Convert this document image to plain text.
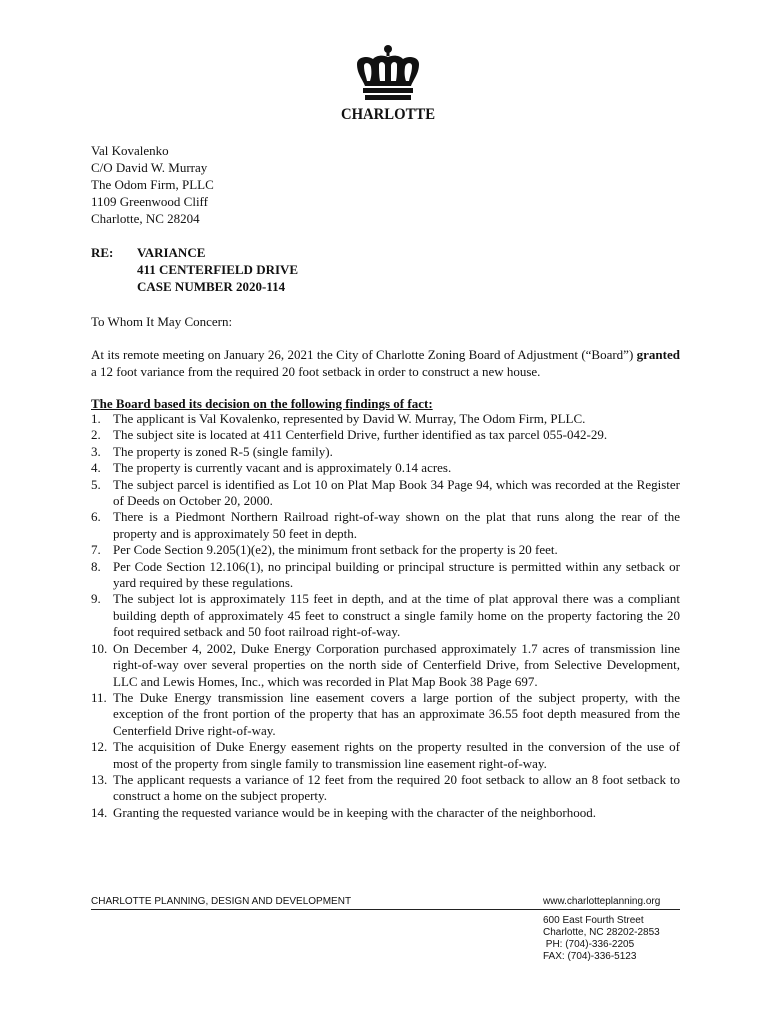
CHARLOTTE
Val Kovalenko
C/O David W. Murray
The Odom Firm, PLLC
1109 Greenwood Cliff
Charlotte, NC 28204
RE: VARIANCE
411 CENTERFIELD DRIVE
CASE NUMBER 2020-114
To Whom It May Concern:
At its remote meeting on January 26, 2021 the City of Charlotte Zoning Board of Adjustment (“Board”) granted a 12 foot variance from the required 20 foot setback in order to construct a new house.
The Board based its decision on the following findings of fact:
1. The applicant is Val Kovalenko, represented by David W. Murray, The Odom Firm, PLLC.
2. The subject site is located at 411 Centerfield Drive, further identified as tax parcel 055-042-29.
3. The property is zoned R-5 (single family).
4. The property is currently vacant and is approximately 0.14 acres.
5. The subject parcel is identified as Lot 10 on Plat Map Book 34 Page 94, which was recorded at the Register of Deeds on October 20, 2000.
6. There is a Piedmont Northern Railroad right-of-way shown on the plat that runs along the rear of the property and is approximately 50 feet in depth.
7. Per Code Section 9.205(1)(e2), the minimum front setback for the property is 20 feet.
8. Per Code Section 12.106(1), no principal building or principal structure is permitted within any setback or yard required by these regulations.
9. The subject lot is approximately 115 feet in depth, and at the time of plat approval there was a compliant building depth of approximately 45 feet to construct a single family home on the property factoring the 20 foot required setback and 50 foot railroad right-of-way.
10. On December 4, 2002, Duke Energy Corporation purchased approximately 1.7 acres of transmission line right-of-way over several properties on the north side of Centerfield Drive, from Selective Development, LLC and Lewis Homes, Inc., which was recorded in Plat Map Book 38 Page 697.
11. The Duke Energy transmission line easement covers a large portion of the subject property, with the exception of the front portion of the property that has an approximate 36.55 foot depth measured from the Centerfield Drive right-of-way.
12. The acquisition of Duke Energy easement rights on the property resulted in the conversion of the use of most of the property from single family to transmission line easement right-of-way.
13. The applicant requests a variance of 12 feet from the required 20 foot setback to allow an 8 foot setback to construct a home on the subject property.
14. Granting the requested variance would be in keeping with the character of the neighborhood.
CHARLOTTE PLANNING, DESIGN AND DEVELOPMENT	www.charlotteplanning.org
600 East Fourth Street
Charlotte, NC 28202-2853
PH: (704)-336-2205
FAX: (704)-336-5123
